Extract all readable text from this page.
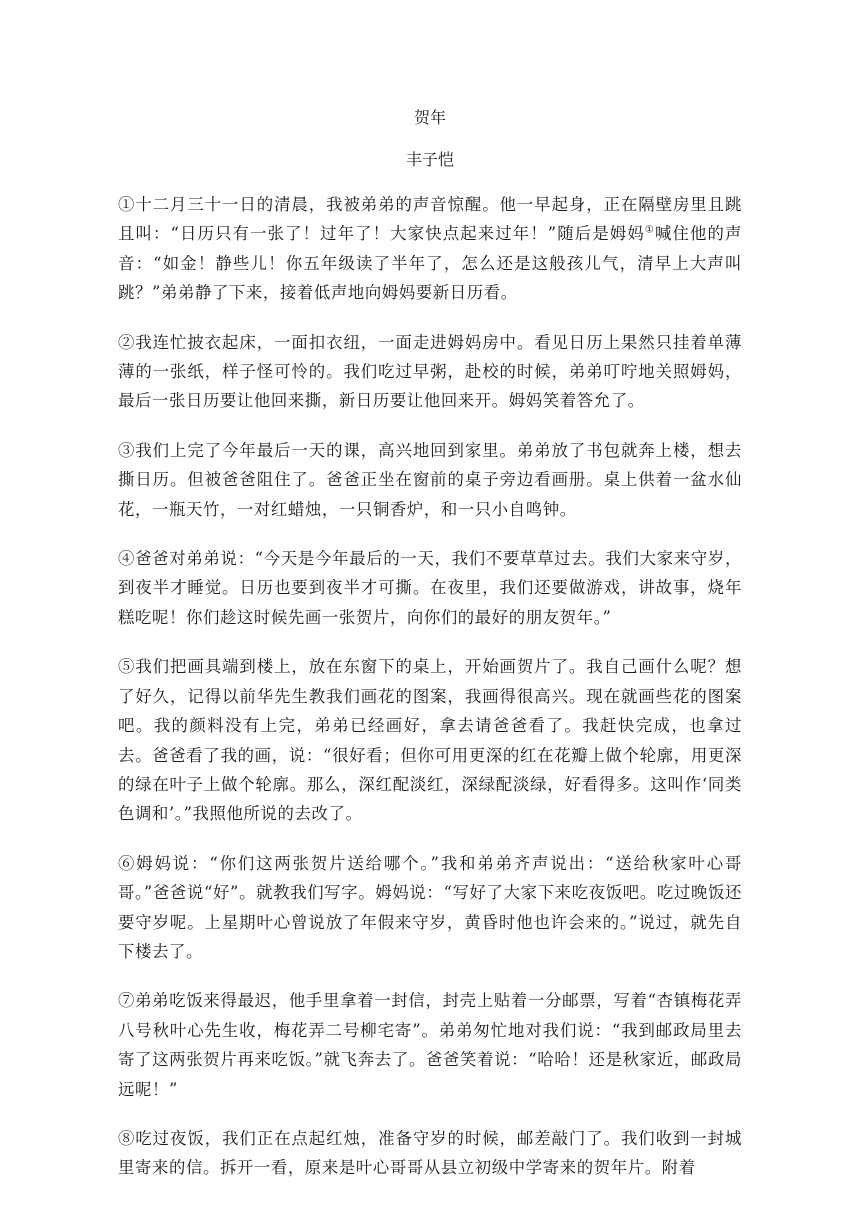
贺年
丰子恺

①十二月三十一日的清晨，我被弟弟的声音惊醒。他一早起身，正在隔壁房里且跳且叫：“日历只有一张了！过年了！大家快点起来过年！”随后是姆妈①喊住他的声音：“如金！静些儿！你五年级读了半年了，怎么还是这般孩儿气，清早上大声叫跳？”弟弟静了下来，接着低声地向姆妈要新日历看。

②我连忙披衣起床，一面扣衣纽，一面走进姆妈房中。看见日历上果然只挂着单薄薄的一张纸，样子怪可怜的。我们吃过早粥，赴校的时候，弟弟叮咛地关照姆妈，最后一张日历要让他回来撕，新日历要让他回来开。姆妈笑着答允了。

③我们上完了今年最后一天的课，高兴地回到家里。弟弟放了书包就奔上楼，想去撕日历。但被爸爸阻住了。爸爸正坐在窗前的桌子旁边看画册。桌上供着一盆水仙花，一瓶天竹，一对红蜡烛，一只铜香炉，和一只小自鸣钟。

④爸爸对弟弟说：“今天是今年最后的一天，我们不要草草过去。我们大家来守岁，到夜半才睡觉。日历也要到夜半才可撕。在夜里，我们还要做游戏，讲故事，烧年糕吃呢！你们趁这时候先画一张贺片，向你们的最好的朋友贺年。”

⑤我们把画具端到楼上，放在东窗下的桌上，开始画贺片了。我自己画什么呢？想了好久，记得以前华先生教我们画花的图案，我画得很高兴。现在就画些花的图案吧。我的颜料没有上完，弟弟已经画好，拿去请爸爸看了。我赶快完成，也拿过去。爸爸看了我的画，说：“很好看；但你可用更深的红在花瓣上做个轮廓，用更深的绿在叶子上做个轮廓。那么，深红配淡红，深绿配淡绿，好看得多。这叫作‘同类色调和’。”我照他所说的去改了。

⑥姆妈说：“你们这两张贺片送给哪个。”我和弟弟齐声说出：“送给秋家叶心哥哥。”爸爸说“好”。就教我们写字。姆妈说：“写好了大家下来吃夜饭吧。吃过晚饭还要守岁呢。上星期叶心曾说放了年假来守岁，黄昏时他也许会来的。”说过，就先自下楼去了。

⑦弟弟吃饭来得最迟，他手里拿着一封信，封壳上贴着一分邮票，写着“杏镇梅花弄八号秋叶心先生收，梅花弄二号柳宅寄”。弟弟匆忙地对我们说：“我到邮政局里去寄了这两张贺片再来吃饭。”就飞奔去了。爸爸笑着说：“哈哈！还是秋家近，邮政局远呢！”

⑧吃过夜饭，我们正在点起红烛，准备守岁的时候，邮差敲门了。我们收到一封城里寄来的信。拆开一看，原来是叶心哥哥从县立初级中学寄来的贺年片。附着
